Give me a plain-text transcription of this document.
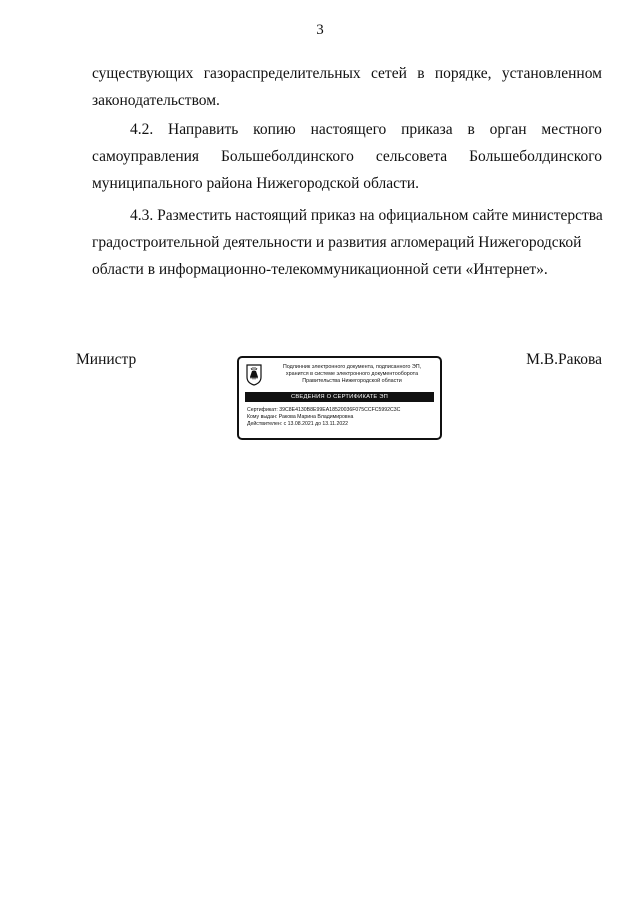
3
существующих газораспределительных сетей в порядке, установленном
законодательством.
4.2. Направить копию настоящего приказа в орган местного
самоуправления Большеболдинского сельсовета Большеболдинского
муниципального района Нижегородской области.
4.3. Разместить настоящий приказ на официальном сайте министерства
градостроительной деятельности и развития агломераций Нижегородской
области в информационно-телекоммуникационной сети «Интернет».
Министр	М.В.Ракова
Подлинник электронного документа, подписанного ЭП,
хранится в системе электронного документооборота
Правительства Нижегородской области
СВЕДЕНИЯ О СЕРТИФИКАТЕ ЭП
Сертификат: 39C8E4130B8E99EA18520036F075CCFC5992C3C
Кому выдан: Ракова Марина Владимировна
Действителен: с 13.08.2021 до 13.11.2022
